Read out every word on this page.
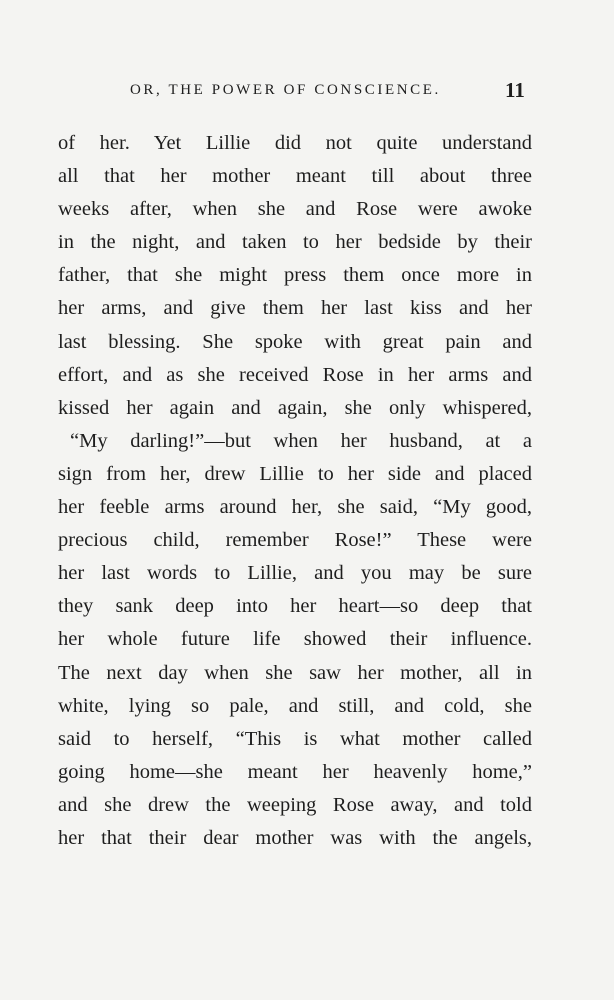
OR, THE POWER OF CONSCIENCE.	11
of her. Yet Lillie did not quite understand
all that her mother meant till about three
weeks after, when she and Rose were awoke
in the night, and taken to her bedside by their
father, that she might press them once more in
her arms, and give them her last kiss and her
last blessing. She spoke with great pain and
effort, and as she received Rose in her arms and
kissed her again and again, she only whispered,
“My darling!”—but when her husband, at a
sign from her, drew Lillie to her side and placed
her feeble arms around her, she said, “My good,
precious child, remember Rose!” These were
her last words to Lillie, and you may be sure
they sank deep into her heart—so deep that
her whole future life showed their influence.
The next day when she saw her mother, all in
white, lying so pale, and still, and cold, she
said to herself, “This is what mother called
going home—she meant her heavenly home,”
and she drew the weeping Rose away, and told
her that their dear mother was with the angels,
